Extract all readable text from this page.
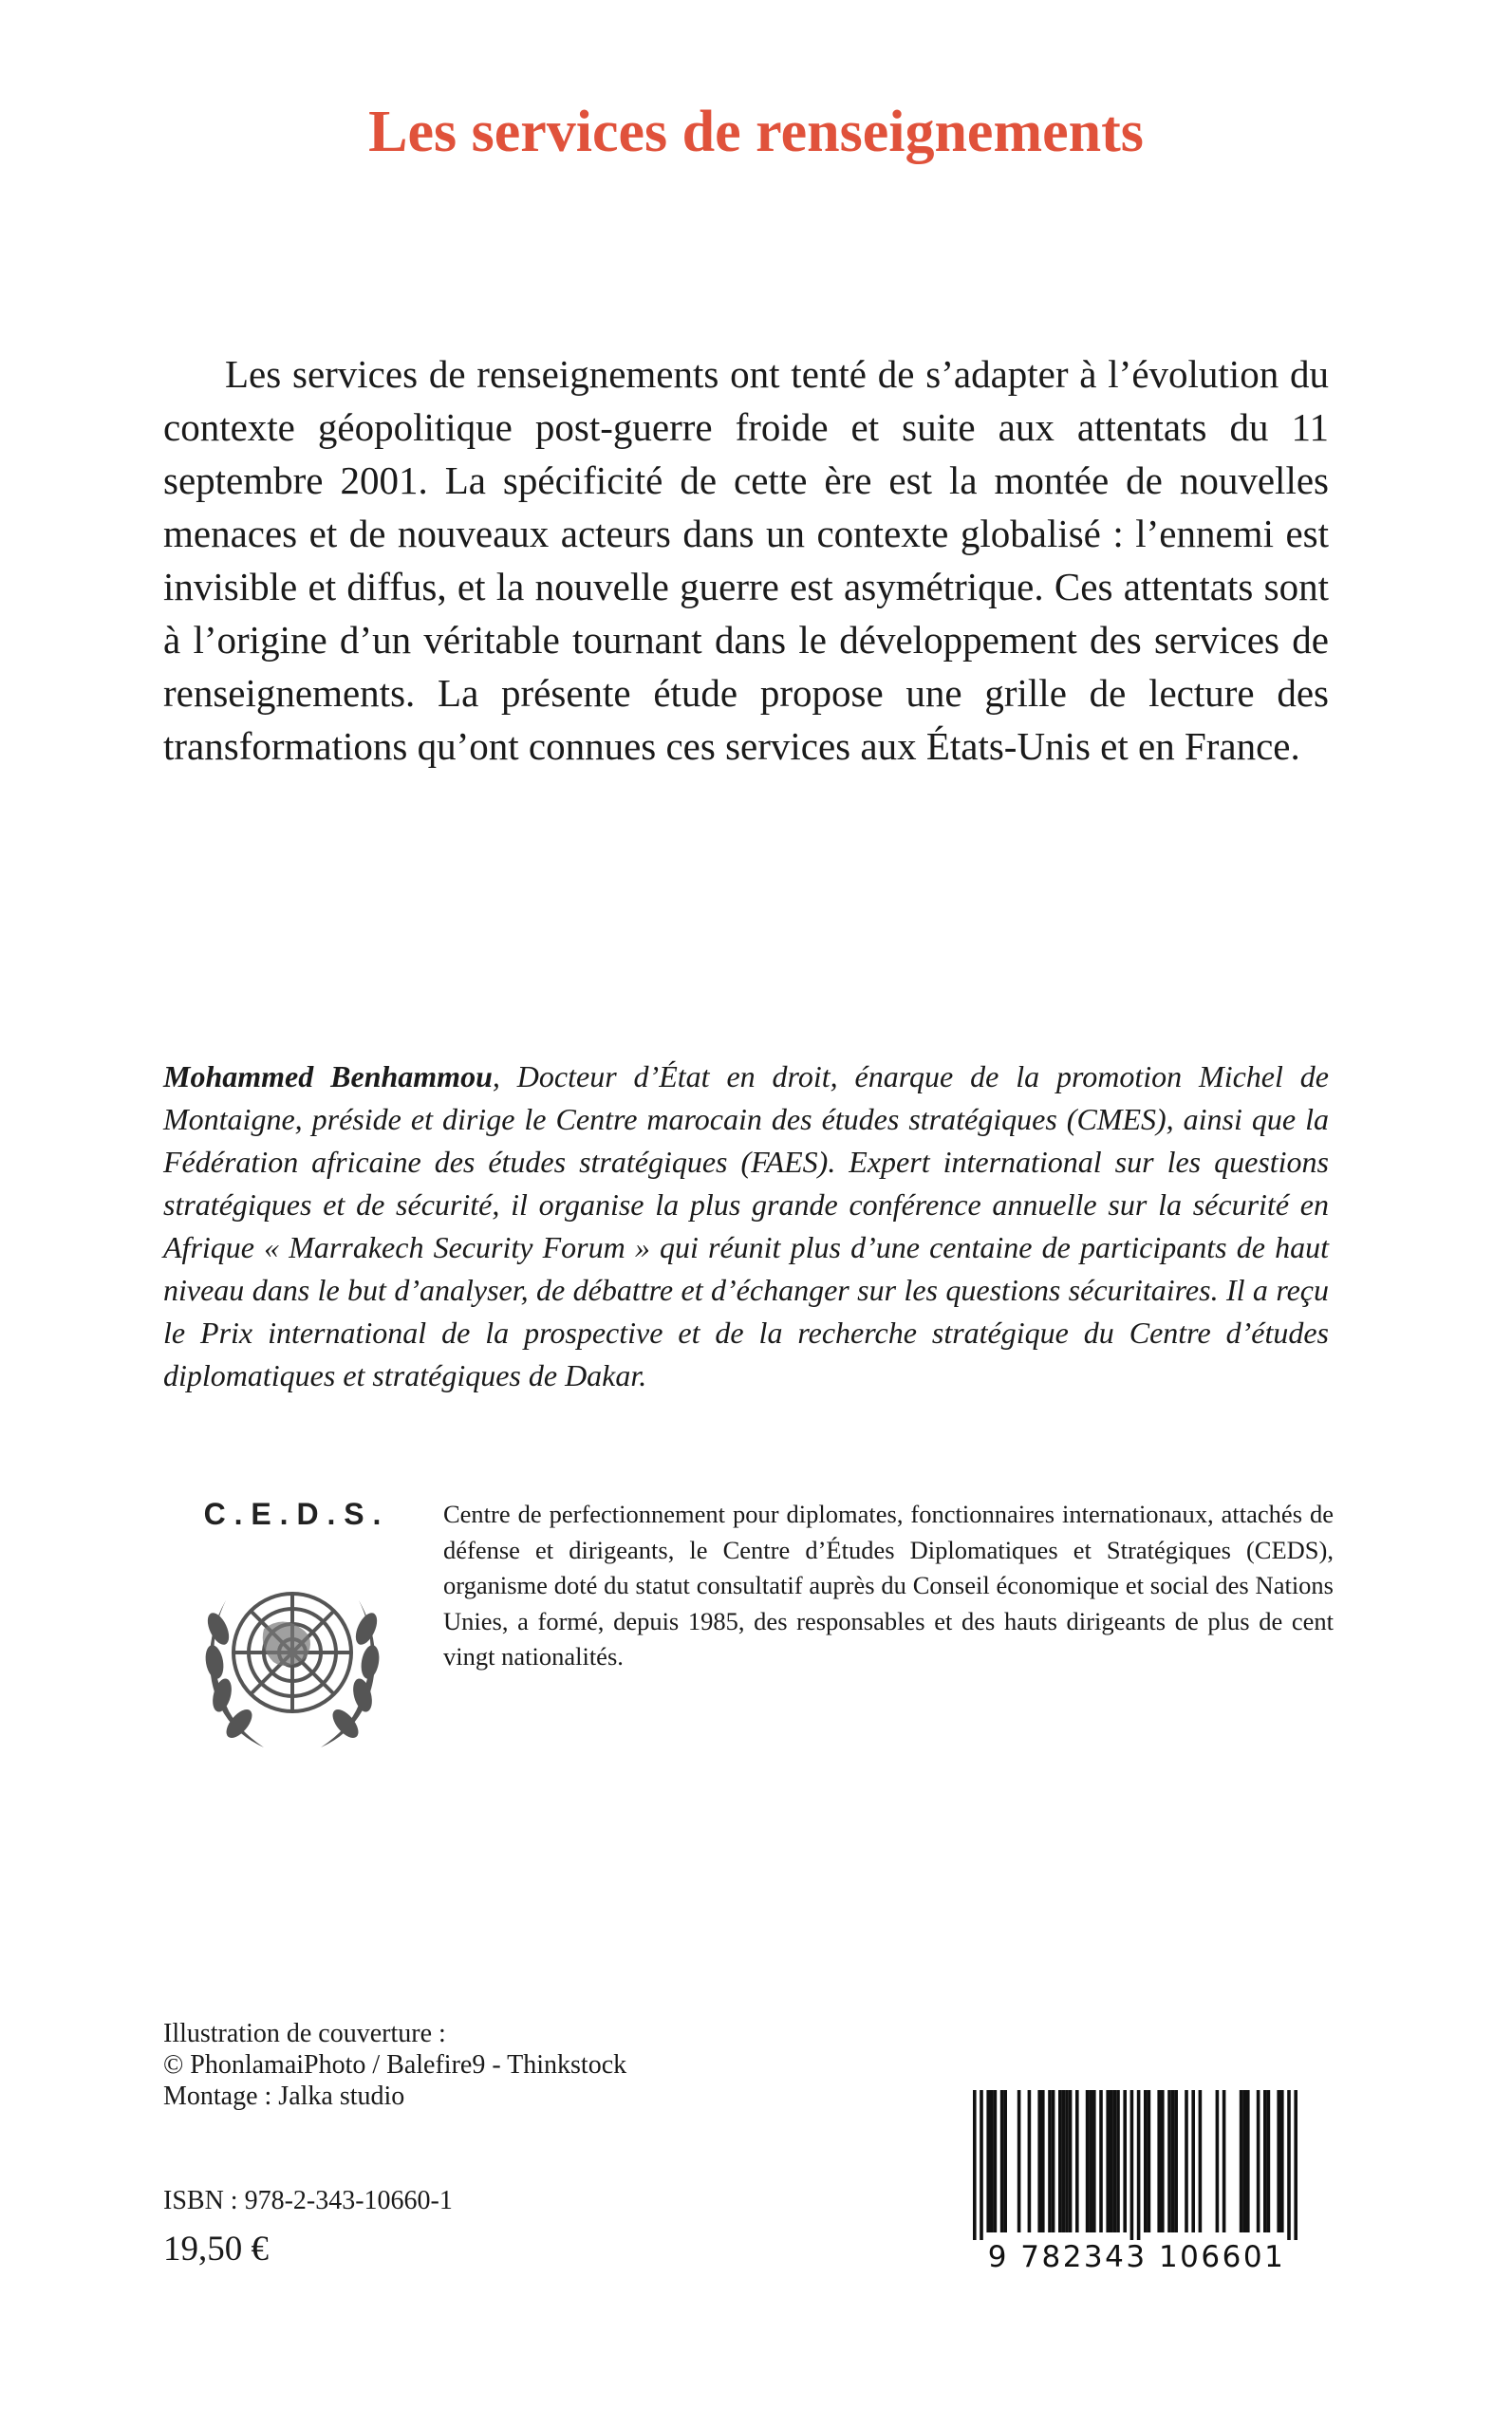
Les services de renseignements

Les services de renseignements ont tenté de s’adapter à l’évolution du contexte géopolitique post-guerre froide et suite aux attentats du 11 septembre 2001. La spécificité de cette ère est la montée de nouvelles menaces et de nouveaux acteurs dans un contexte globalisé : l’ennemi est invisible et diffus, et la nouvelle guerre est asymétrique. Ces attentats sont à l’origine d’un véritable tournant dans le développement des services de renseignements. La présente étude propose une grille de lecture des transformations qu’ont connues ces services aux États-Unis et en France.

Mohammed Benhammou, Docteur d’État en droit, énarque de la promotion Michel de Montaigne, préside et dirige le Centre marocain des études stratégiques (CMES), ainsi que la Fédération africaine des études stratégiques (FAES). Expert international sur les questions stratégiques et de sécurité, il organise la plus grande conférence annuelle sur la sécurité en Afrique « Marrakech Security Forum » qui réunit plus d’une centaine de participants de haut niveau dans le but d’analyser, de débattre et d’échanger sur les questions sécuritaires. Il a reçu le Prix international de la prospective et de la recherche stratégique du Centre d’études diplomatiques et stratégiques de Dakar.

C . E . D . S . Centre de perfectionnement pour diplomates, fonctionnaires internationaux, attachés de défense et dirigeants, le Centre d’Études Diplomatiques et Stratégiques (CEDS), organisme doté du statut consultatif auprès du Conseil économique et social des Nations Unies, a formé, depuis 1985, des responsables et des hauts dirigeants de plus de cent vingt nationalités.

Illustration de couverture :
© PhonlamaiPhoto / Balefire9 - Thinkstock
Montage : Jalka studio
ISBN : 978-2-343-10660-1
19,50 €	9 782343 106601
